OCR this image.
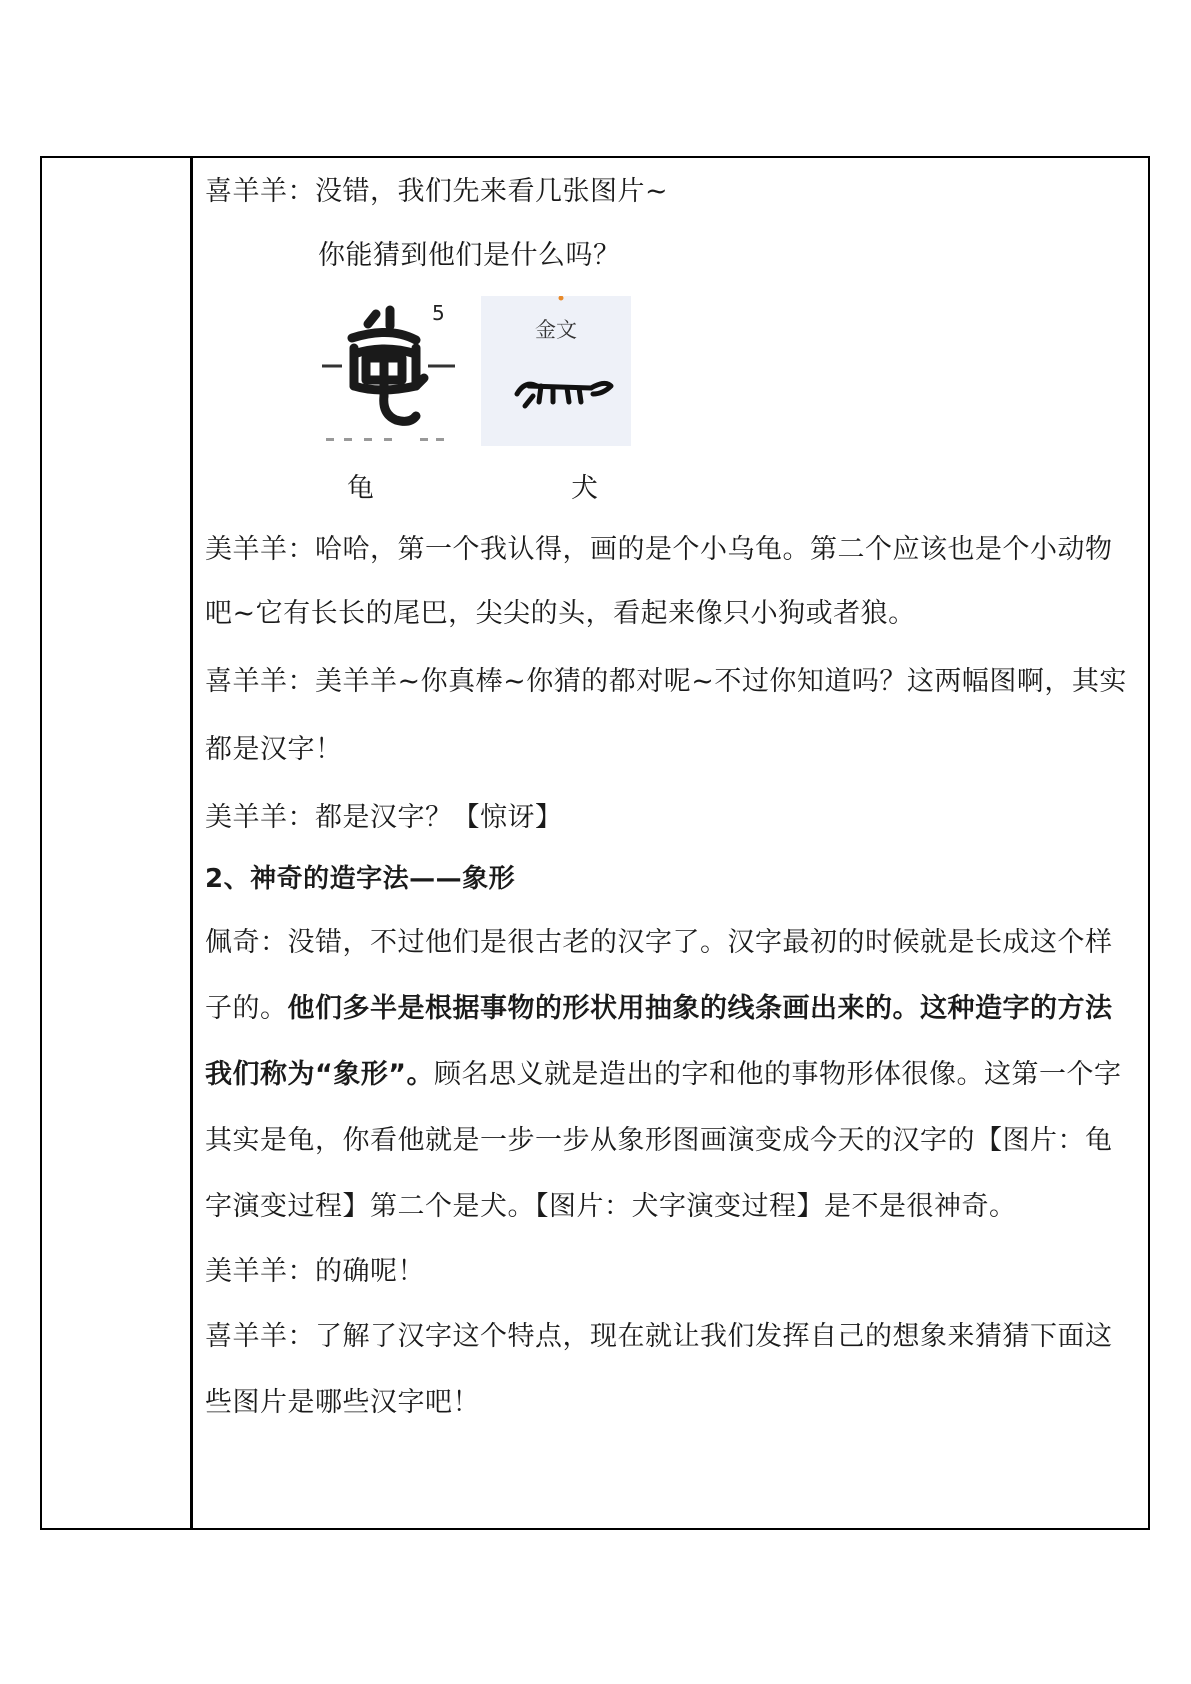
喜羊羊：没错，我们先来看几张图片~

你能猜到他们是什么吗？

5
金文
龟	犬

美羊羊：哈哈，第一个我认得，画的是个小乌龟。第二个应该也是个小动物吧~它有长长的尾巴，尖尖的头，看起来像只小狗或者狼。

喜羊羊：美羊羊~你真棒~你猜的都对呢~不过你知道吗？这两幅图啊，其实都是汉字！

美羊羊：都是汉字？【惊讶】

2、神奇的造字法——象形

佩奇：没错，不过他们是很古老的汉字了。汉字最初的时候就是长成这个样子的。他们多半是根据事物的形状用抽象的线条画出来的。这种造字的方法我们称为“象形”。顾名思义就是造出的字和他的事物形体很像。这第一个字其实是龟，你看他就是一步一步从象形图画演变成今天的汉字的【图片：龟字演变过程】第二个是犬。【图片：犬字演变过程】是不是很神奇。

美羊羊：的确呢！

喜羊羊：了解了汉字这个特点，现在就让我们发挥自己的想象来猜猜下面这些图片是哪些汉字吧！
